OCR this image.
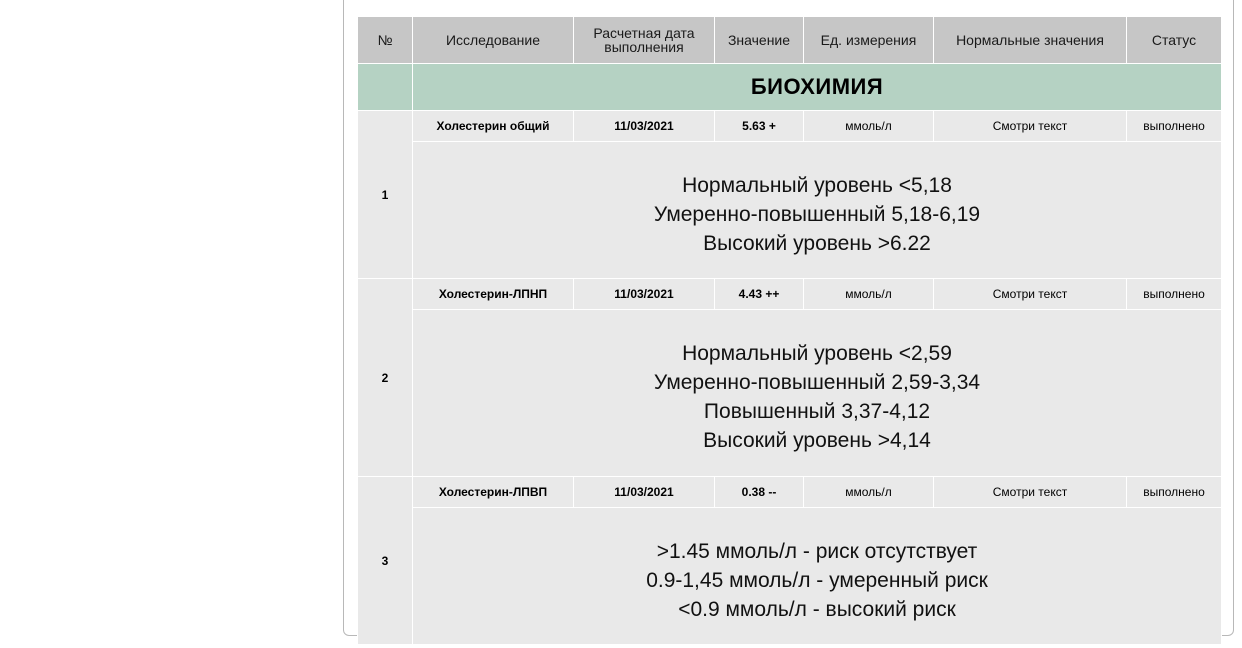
№	Исследование	Расчетная дата
выполнения	Значение	Ед. измерения	Нормальные значения	Статус
	БИОХИМИЯ					
1	Холестерин общий	11/03/2021	5.63 +	ммоль/л	Смотри текст	выполнено

	Нормальный уровень <5,18
Умеренно-повышенный 5,18-6,19
Высокий уровень >6.22					

2	Холестерин-ЛПНП	11/03/2021	4.43 ++	ммоль/л	Смотри текст	выполнено

	Нормальный уровень <2,59
Умеренно-повышенный 2,59-3,34
Повышенный 3,37-4,12
Высокий уровень >4,14					

3	Холестерин-ЛПВП	11/03/2021	0.38 --	ммоль/л	Смотри текст	выполнено

	>1.45 ммоль/л - риск отсутствует
0.9-1,45 ммоль/л - умеренный риск
<0.9 ммоль/л - высокий риск					
